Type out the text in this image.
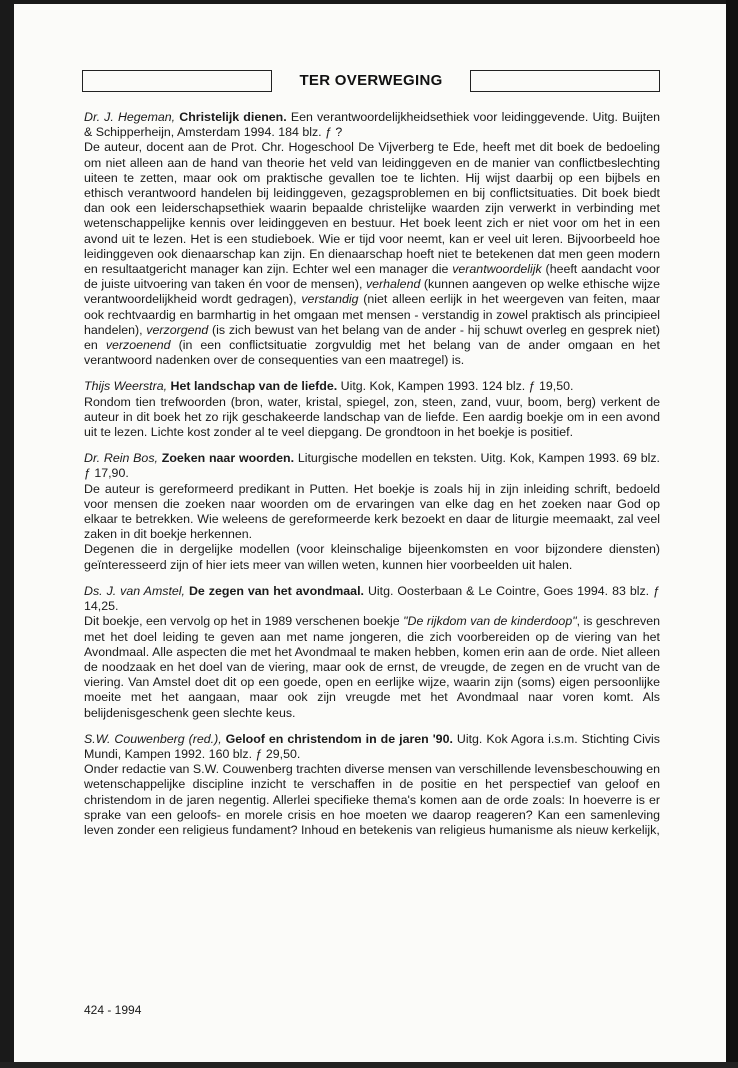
TER OVERWEGING
Dr. J. Hegeman, Christelijk dienen. Een verantwoordelijkheidsethiek voor leidinggevende. Uitg. Buijten & Schipperheijn, Amsterdam 1994. 184 blz. ƒ ?

De auteur, docent aan de Prot. Chr. Hogeschool De Vijverberg te Ede, heeft met dit boek de bedoeling om niet alleen aan de hand van theorie het veld van leidinggeven en de manier van conflictbeslechting uiteen te zetten, maar ook om praktische gevallen toe te lichten. Hij wijst daarbij op een bijbels en ethisch verantwoord handelen bij leidinggeven, gezagsproblemen en bij conflictsituaties. Dit boek biedt dan ook een leiderschapsethiek waarin bepaalde christelijke waarden zijn verwerkt in verbinding met wetenschappelijke kennis over leidinggeven en bestuur. Het boek leent zich er niet voor om het in een avond uit te lezen. Het is een studieboek. Wie er tijd voor neemt, kan er veel uit leren. Bijvoorbeeld hoe leidinggeven ook dienaarschap kan zijn. En dienaarschap hoeft niet te betekenen dat men geen modern en resultaatgericht manager kan zijn. Echter wel een manager die verantwoordelijk (heeft aandacht voor de juiste uitvoering van taken én voor de mensen), verhalend (kunnen aangeven op welke ethische wijze verantwoordelijkheid wordt gedragen), verstandig (niet alleen eerlijk in het weergeven van feiten, maar ook rechtvaardig en barmhartig in het omgaan met mensen - verstandig in zowel praktisch als principieel handelen), verzorgend (is zich bewust van het belang van de ander - hij schuwt overleg en gesprek niet) en verzoenend (in een conflictsituatie zorgvuldig met het belang van de ander omgaan en het verantwoord nadenken over de consequenties van een maatregel) is.

Thijs Weerstra, Het landschap van de liefde. Uitg. Kok, Kampen 1993. 124 blz. ƒ 19,50.

Rondom tien trefwoorden (bron, water, kristal, spiegel, zon, steen, zand, vuur, boom, berg) verkent de auteur in dit boek het zo rijk geschakeerde landschap van de liefde. Een aardig boekje om in een avond uit te lezen. Lichte kost zonder al te veel diepgang. De grondtoon in het boekje is positief.

Dr. Rein Bos, Zoeken naar woorden. Liturgische modellen en teksten. Uitg. Kok, Kampen 1993. 69 blz. ƒ 17,90.

De auteur is gereformeerd predikant in Putten. Het boekje is zoals hij in zijn inleiding schrift, bedoeld voor mensen die zoeken naar woorden om de ervaringen van elke dag en het zoeken naar God op elkaar te betrekken. Wie weleens de gereformeerde kerk bezoekt en daar de liturgie meemaakt, zal veel zaken in dit boekje herkennen.

Degenen die in dergelijke modellen (voor kleinschalige bijeenkomsten en voor bijzondere diensten) geïnteresseerd zijn of hier iets meer van willen weten, kunnen hier voorbeelden uit halen.

Ds. J. van Amstel, De zegen van het avondmaal. Uitg. Oosterbaan & Le Cointre, Goes 1994. 83 blz. ƒ 14,25.

Dit boekje, een vervolg op het in 1989 verschenen boekje "De rijkdom van de kinderdoop", is geschreven met het doel leiding te geven aan met name jongeren, die zich voorbereiden op de viering van het Avondmaal. Alle aspecten die met het Avondmaal te maken hebben, komen erin aan de orde. Niet alleen de noodzaak en het doel van de viering, maar ook de ernst, de vreugde, de zegen en de vrucht van de viering. Van Amstel doet dit op een goede, open en eerlijke wijze, waarin zijn (soms) eigen persoonlijke moeite met het aangaan, maar ook zijn vreugde met het Avondmaal naar voren komt. Als belijdenisgeschenk geen slechte keus.

S.W. Couwenberg (red.), Geloof en christendom in de jaren '90. Uitg. Kok Agora i.s.m. Stichting Civis Mundi, Kampen 1992. 160 blz. ƒ 29,50.

Onder redactie van S.W. Couwenberg trachten diverse mensen van verschillende levensbeschouwing en wetenschappelijke discipline inzicht te verschaffen in de positie en het perspectief van geloof en christendom in de jaren negentig. Allerlei specifieke thema's komen aan de orde zoals: In hoeverre is er sprake van een geloofs- en morele crisis en hoe moeten we daarop reageren? Kan een samenleving leven zonder een religieus fundament? Inhoud en betekenis van religieus humanisme als nieuw kerkelijk,

424 - 1994
